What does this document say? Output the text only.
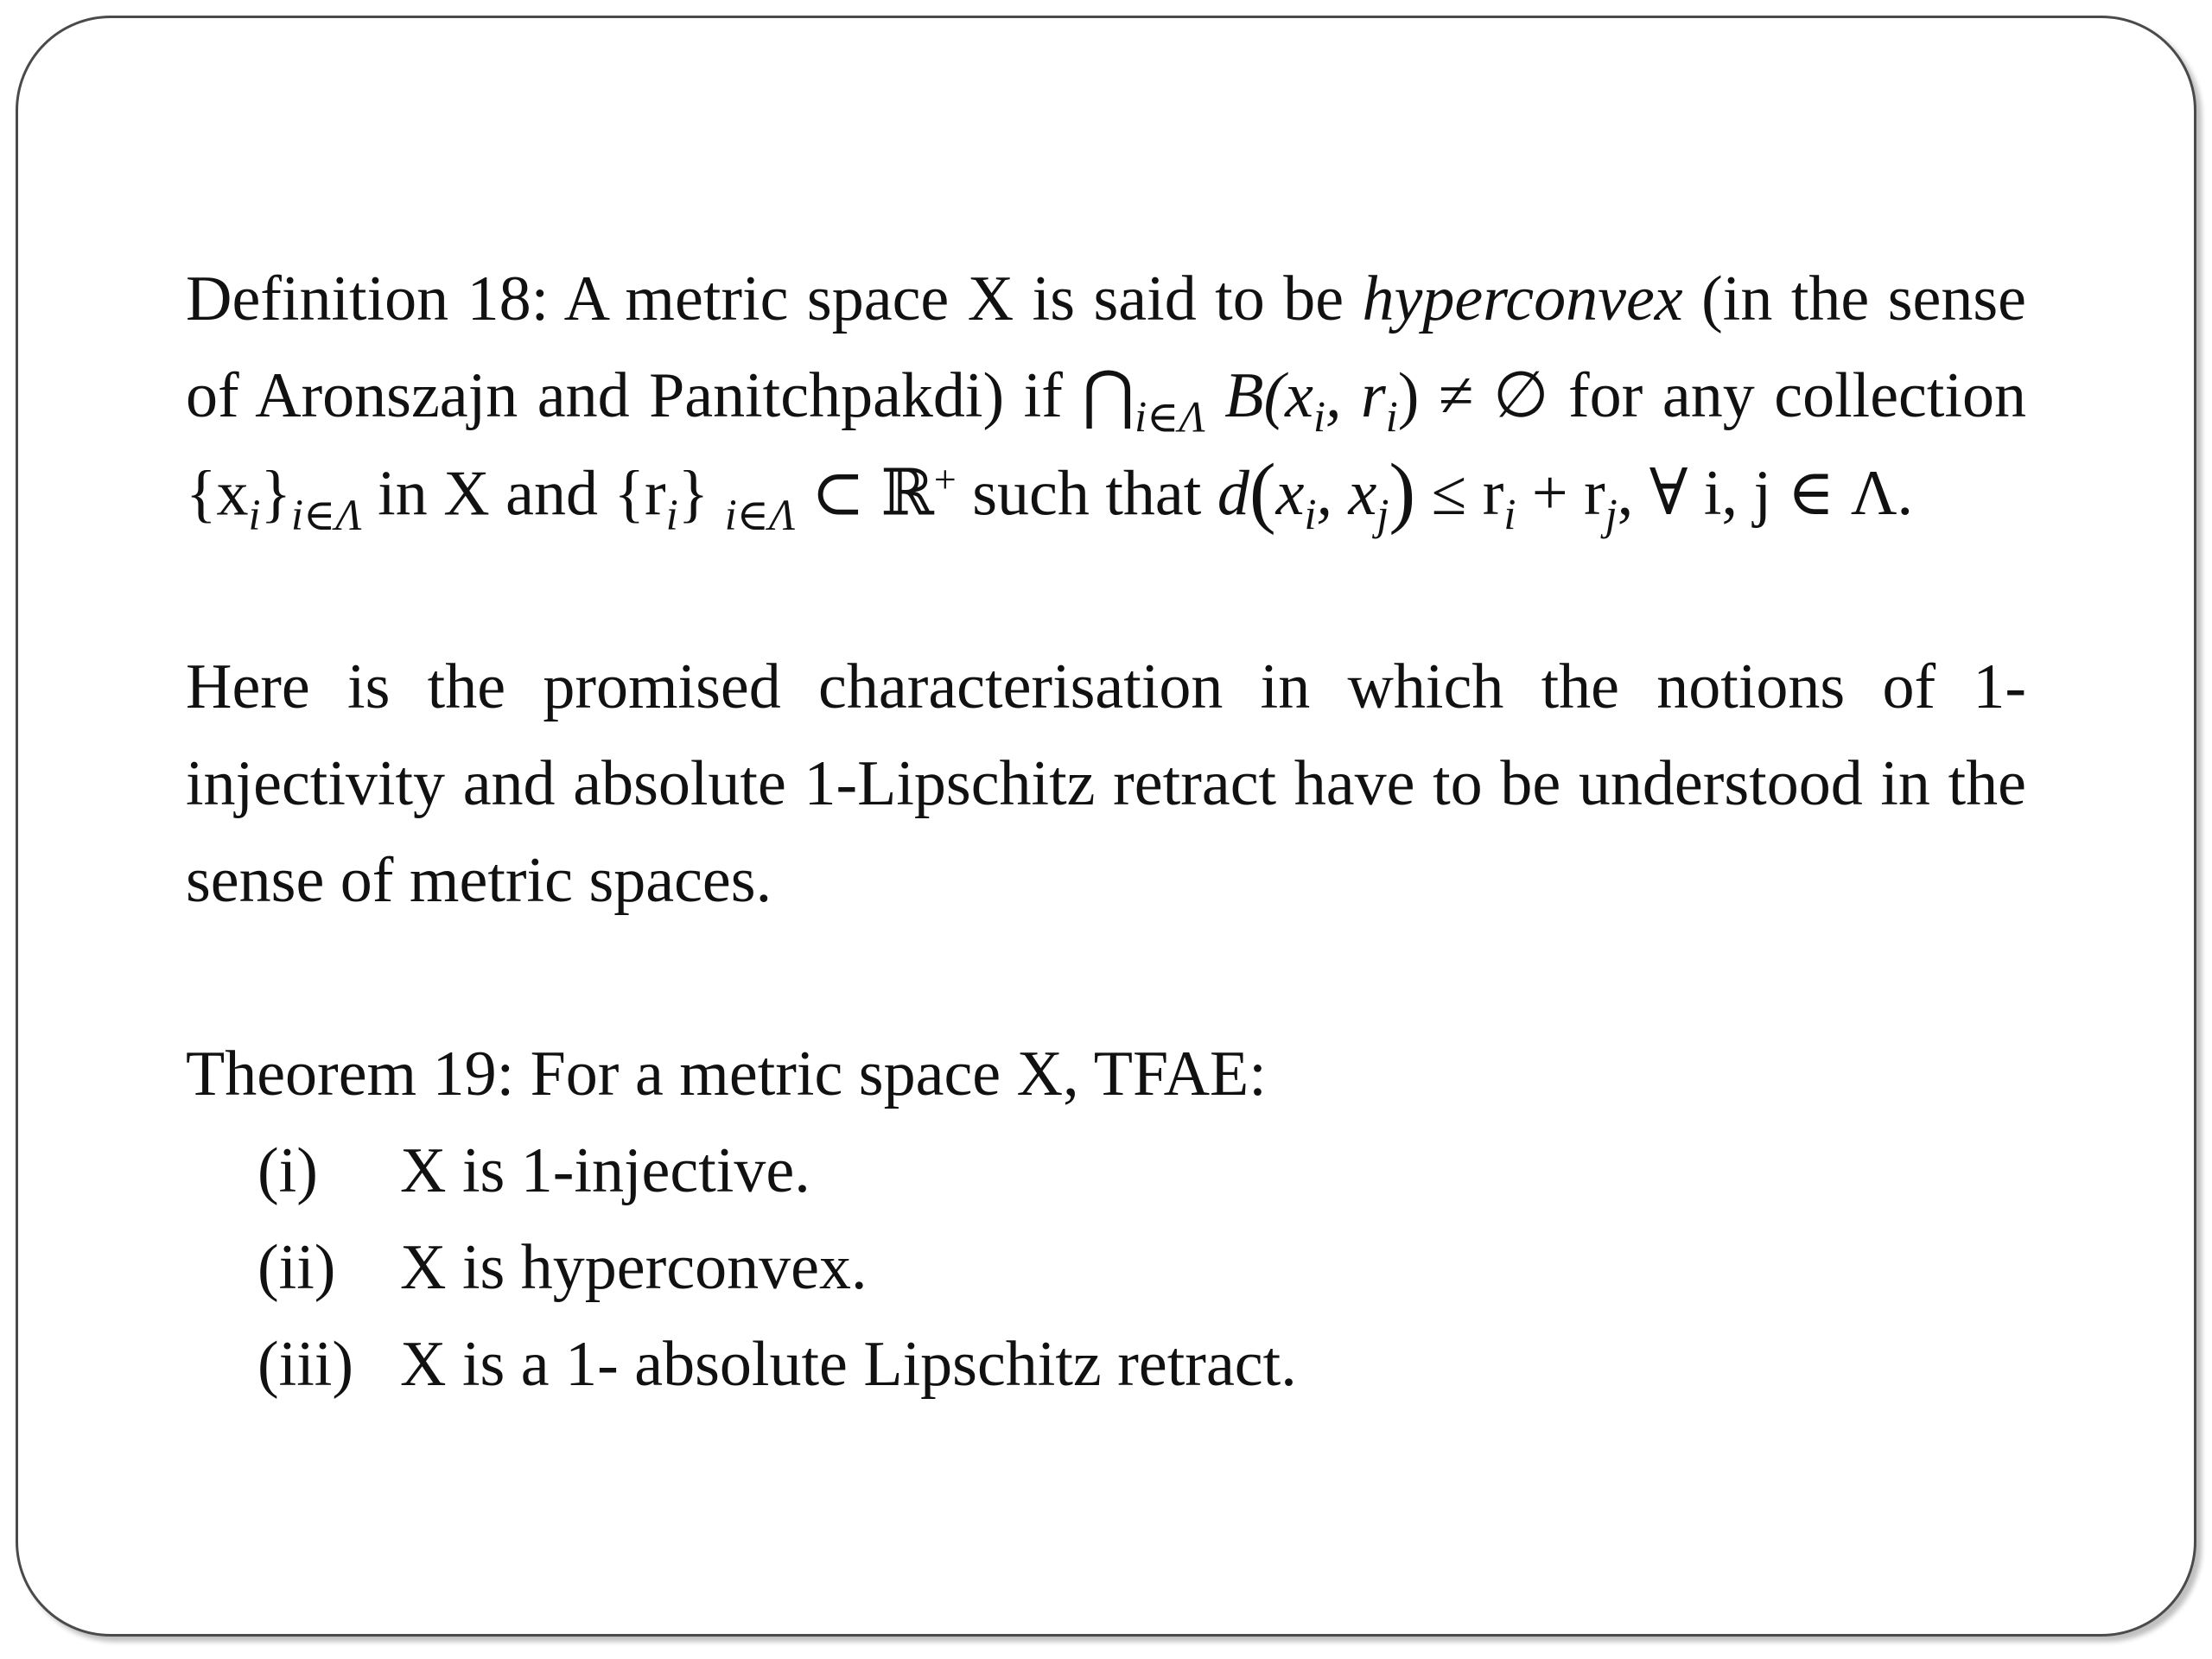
Definition 18: A metric space X is said to be hyperconvex (in the sense of Aronszajn and Panitchpakdi) if $⋂_{i\in\Lambda}$ $B(x_i$, $r_i$) ≠ ∅ for any collection $\{x_i\}_{i\in\Lambda}$ in X and $\{r_i\}$ $_{i\in\Lambda}$ ⊂ ℝ+ such that $d(x_i$, $x_j) \le r_i + r_j$, ∀ i, j ∈ Λ.

Here is the promised characterisation in which the notions of 1-injectivity and absolute 1-Lipschitz retract have to be understood in the sense of metric spaces.

Theorem 19: For a metric space X, TFAE:

(i)	X is 1-injective.
(ii)	X is hyperconvex.
(iii) X is a 1- absolute Lipschitz retract.
